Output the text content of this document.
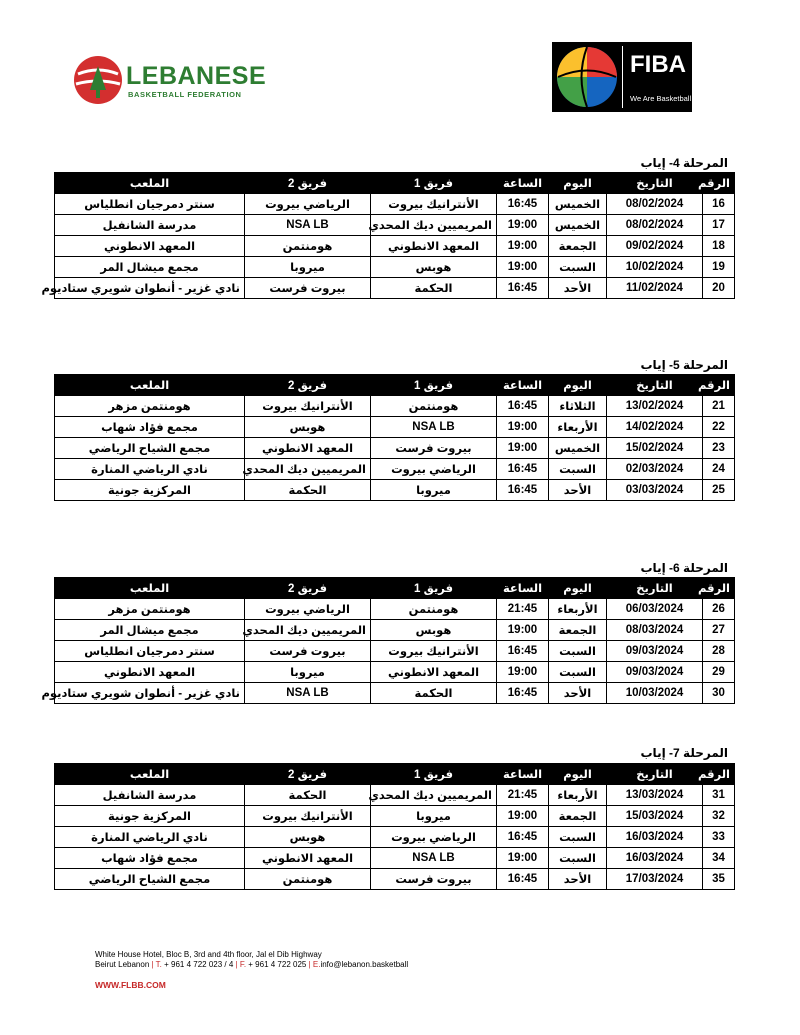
LEBANESE
BASKETBALL FEDERATION
FIBA
We Are Basketball
المرحلة 4- إياب
الرقم	التاريخ	اليوم	الساعة	فريق 1	فريق 2	الملعب
16	08/02/2024	الخميس	16:45	الأنترانيك بيروت	الرياضي بيروت	سنتر دمرجيان انطلياس
17	08/02/2024	الخميس	19:00	المريميين ديك المحدي	NSA LB	مدرسة الشانفيل
18	09/02/2024	الجمعة	19:00	المعهد الانطوني	هومنتمن	المعهد الانطوني
19	10/02/2024	السبت	19:00	هوبس	ميروبا	مجمع ميشال المر
20	11/02/2024	الأحد	16:45	الحكمة	بيروت فرست	نادي غزير - أنطوان شويري ستاديوم
المرحلة 5- إياب
الرقم	التاريخ	اليوم	الساعة	فريق 1	فريق 2	الملعب
21	13/02/2024	الثلاثاء	16:45	هومنتمن	الأنترانيك بيروت	هومنتمن مزهر
22	14/02/2024	الأربعاء	19:00	NSA LB	هوبس	مجمع فؤاد شهاب
23	15/02/2024	الخميس	19:00	بيروت فرست	المعهد الانطوني	مجمع الشياح الرياضي
24	02/03/2024	السبت	16:45	الرياضي بيروت	المريميين ديك المحدي	نادي الرياضي المنارة
25	03/03/2024	الأحد	16:45	ميروبا	الحكمة	المركزية جونية
المرحلة 6- إياب
الرقم	التاريخ	اليوم	الساعة	فريق 1	فريق 2	الملعب
26	06/03/2024	الأربعاء	21:45	هومنتمن	الرياضي بيروت	هومنتمن مزهر
27	08/03/2024	الجمعة	19:00	هوبس	المريميين ديك المحدي	مجمع ميشال المر
28	09/03/2024	السبت	16:45	الأنترانيك بيروت	بيروت فرست	سنتر دمرجيان انطلياس
29	09/03/2024	السبت	19:00	المعهد الانطوني	ميروبا	المعهد الانطوني
30	10/03/2024	الأحد	16:45	الحكمة	NSA LB	نادي غزير - أنطوان شويري ستاديوم
المرحلة 7- إياب
الرقم	التاريخ	اليوم	الساعة	فريق 1	فريق 2	الملعب
31	13/03/2024	الأربعاء	21:45	المريميين ديك المحدي	الحكمة	مدرسة الشانفيل
32	15/03/2024	الجمعة	19:00	ميروبا	الأنترانيك بيروت	المركزية جونية
33	16/03/2024	السبت	16:45	الرياضي بيروت	هوبس	نادي الرياضي المنارة
34	16/03/2024	السبت	19:00	NSA LB	المعهد الانطوني	مجمع فؤاد شهاب
35	17/03/2024	الأحد	16:45	بيروت فرست	هومنتمن	مجمع الشياح الرياضي
White House Hotel, Bloc B, 3rd and 4th floor, Jal el Dib Highway
Beirut Lebanon | T. + 961 4 722 023 / 4 | F. + 961 4 722 025 | E.info@lebanon.basketball
WWW.FLBB.COM
